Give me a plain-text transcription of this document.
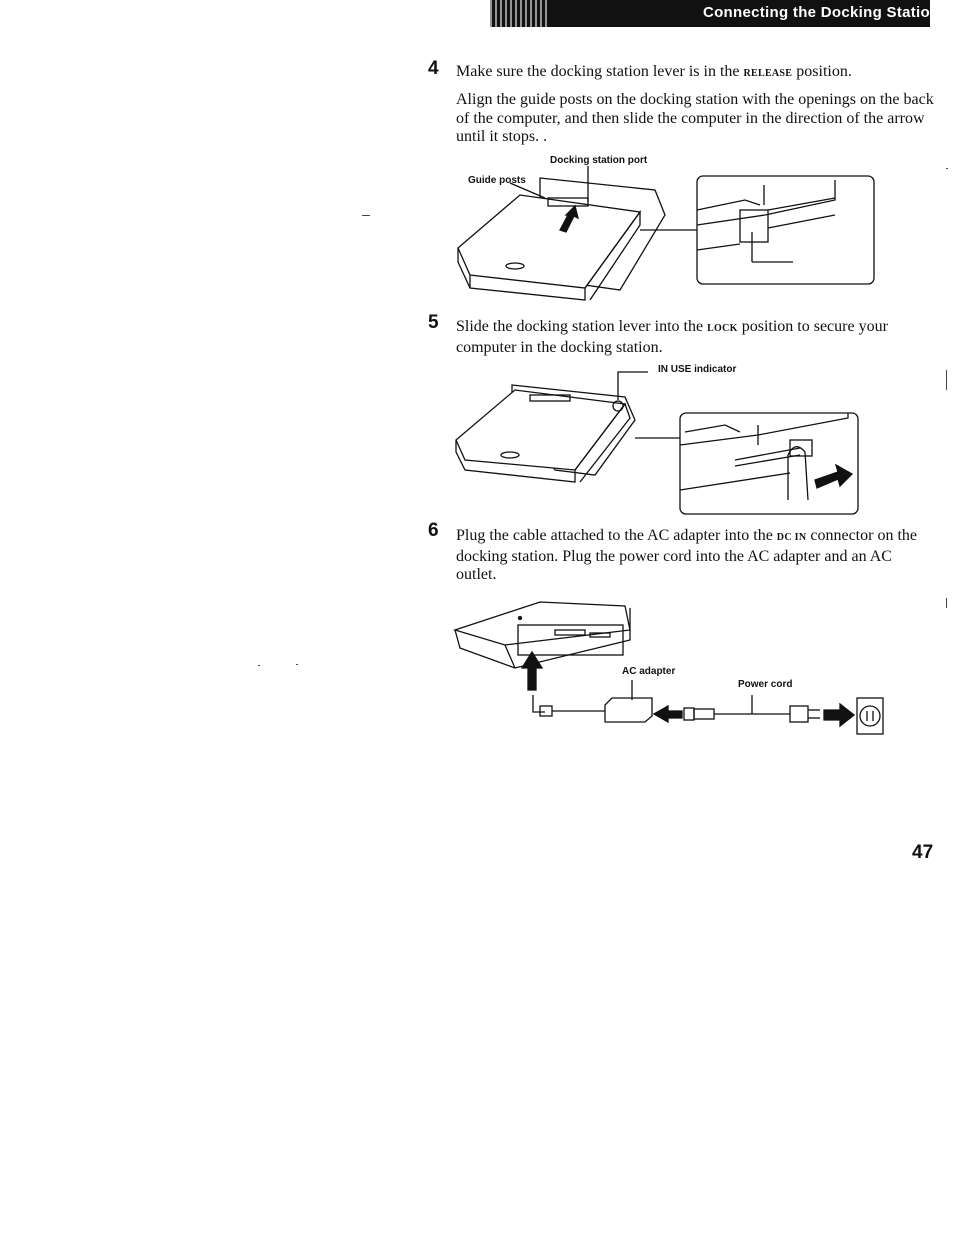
Connecting the Docking Statio
4 Make sure the docking station lever is in the RELEASE position.
Align the guide posts on the docking station with the openings on the back of the computer, and then slide the computer in the direction of the arrow until it stops. .
Docking station port
Guide posts
5 Slide the docking station lever into the LOCK position to secure your computer in the docking station.
IN USE indicator
6 Plug the cable attached to the AC adapter into the DC IN connector on the docking station. Plug the power cord into the AC adapter and an AC outlet.
AC adapter
Power cord
47
